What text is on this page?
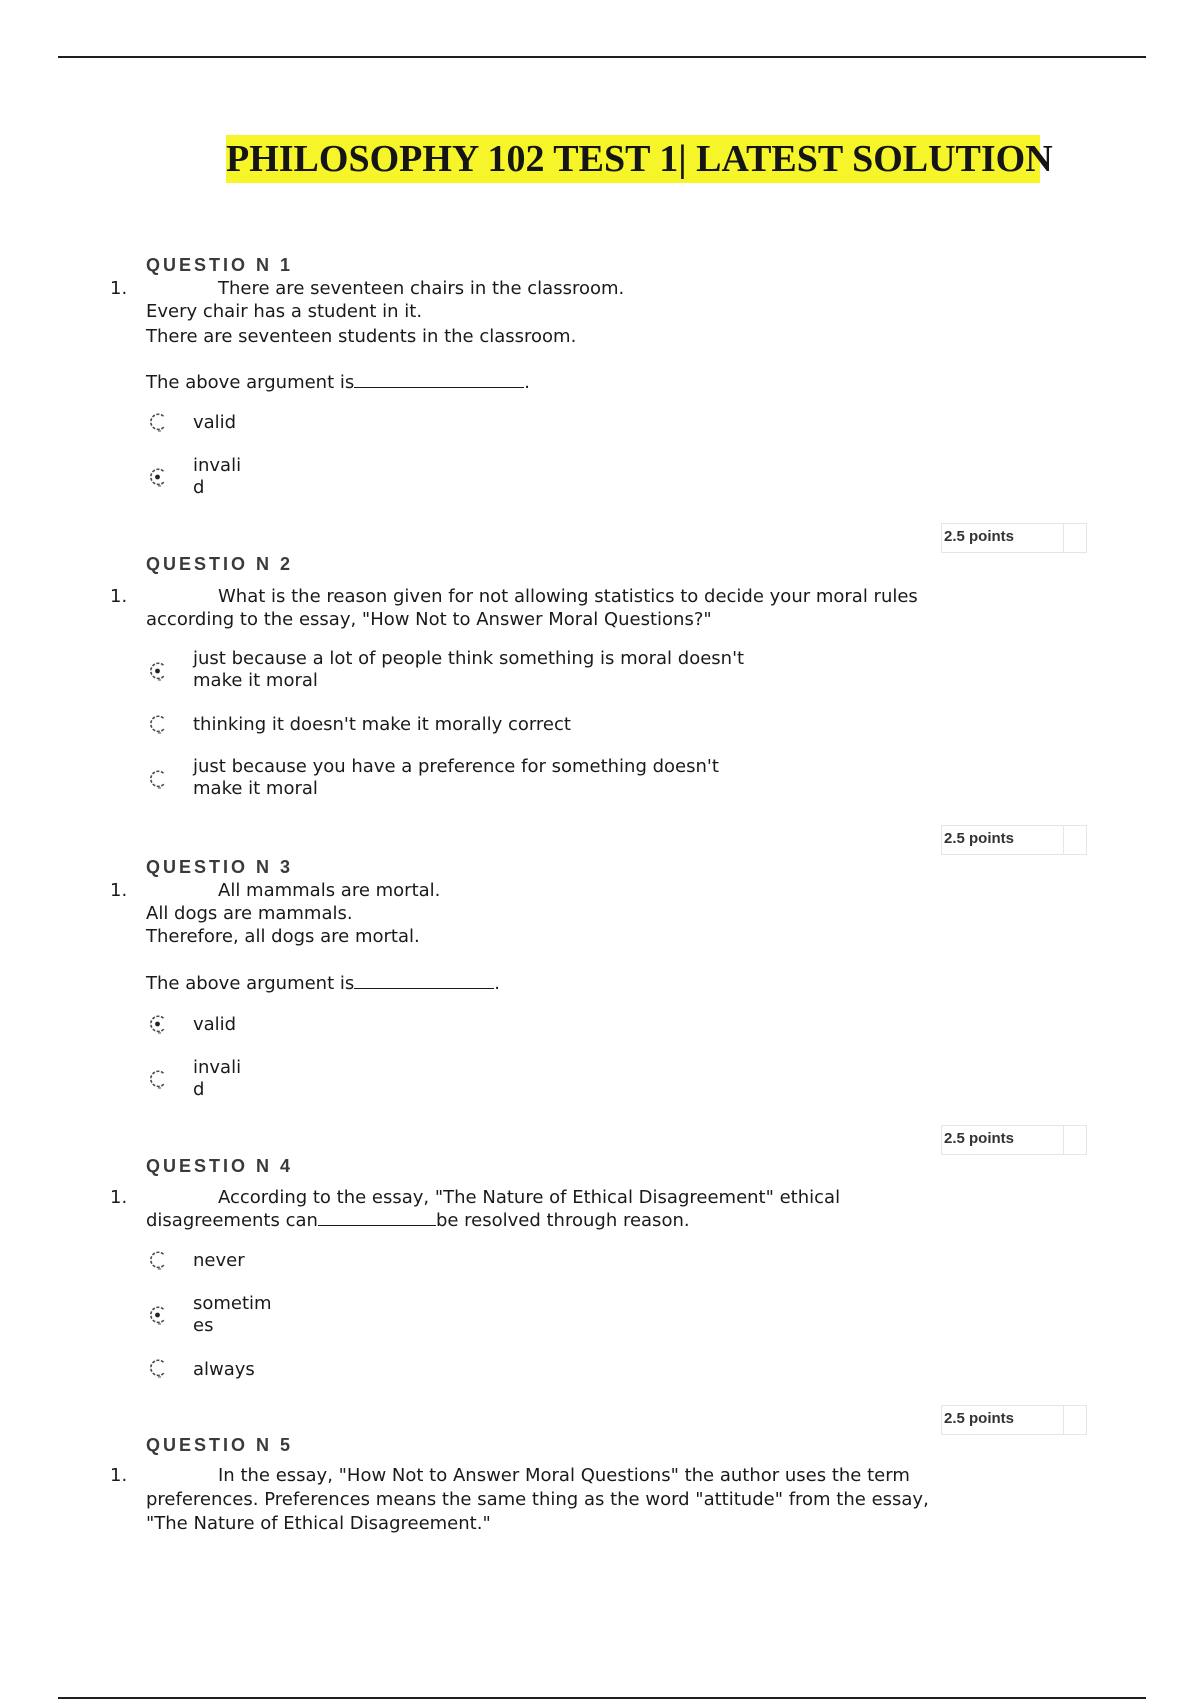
PHILOSOPHY 102 TEST 1| LATEST SOLUTION
QUESTIO N 1
1.	There are seventeen chairs in the classroom.
Every chair has a student in it.
There are seventeen students in the classroom.
The above argument is	.
valid
invali
d
2.5 points
QUESTIO N 2
1.	What is the reason given for not allowing statistics to decide your moral rules
according to the essay, "How Not to Answer Moral Questions?"
just because a lot of people think something is moral doesn't
make it moral
thinking it doesn't make it morally correct
just because you have a preference for something doesn't
make it moral
2.5 points
QUESTIO N 3
1.	All mammals are mortal.
All dogs are mammals.
Therefore, all dogs are mortal.
The above argument is	.
valid
invali
d
2.5 points
QUESTIO N 4
1.	According to the essay, "The Nature of Ethical Disagreement" ethical
disagreements can	be resolved through reason.
never
sometim
es
always
2.5 points
QUESTIO N 5
1.	In the essay, "How Not to Answer Moral Questions" the author uses the term
preferences. Preferences means the same thing as the word "attitude" from the essay,
"The Nature of Ethical Disagreement."
